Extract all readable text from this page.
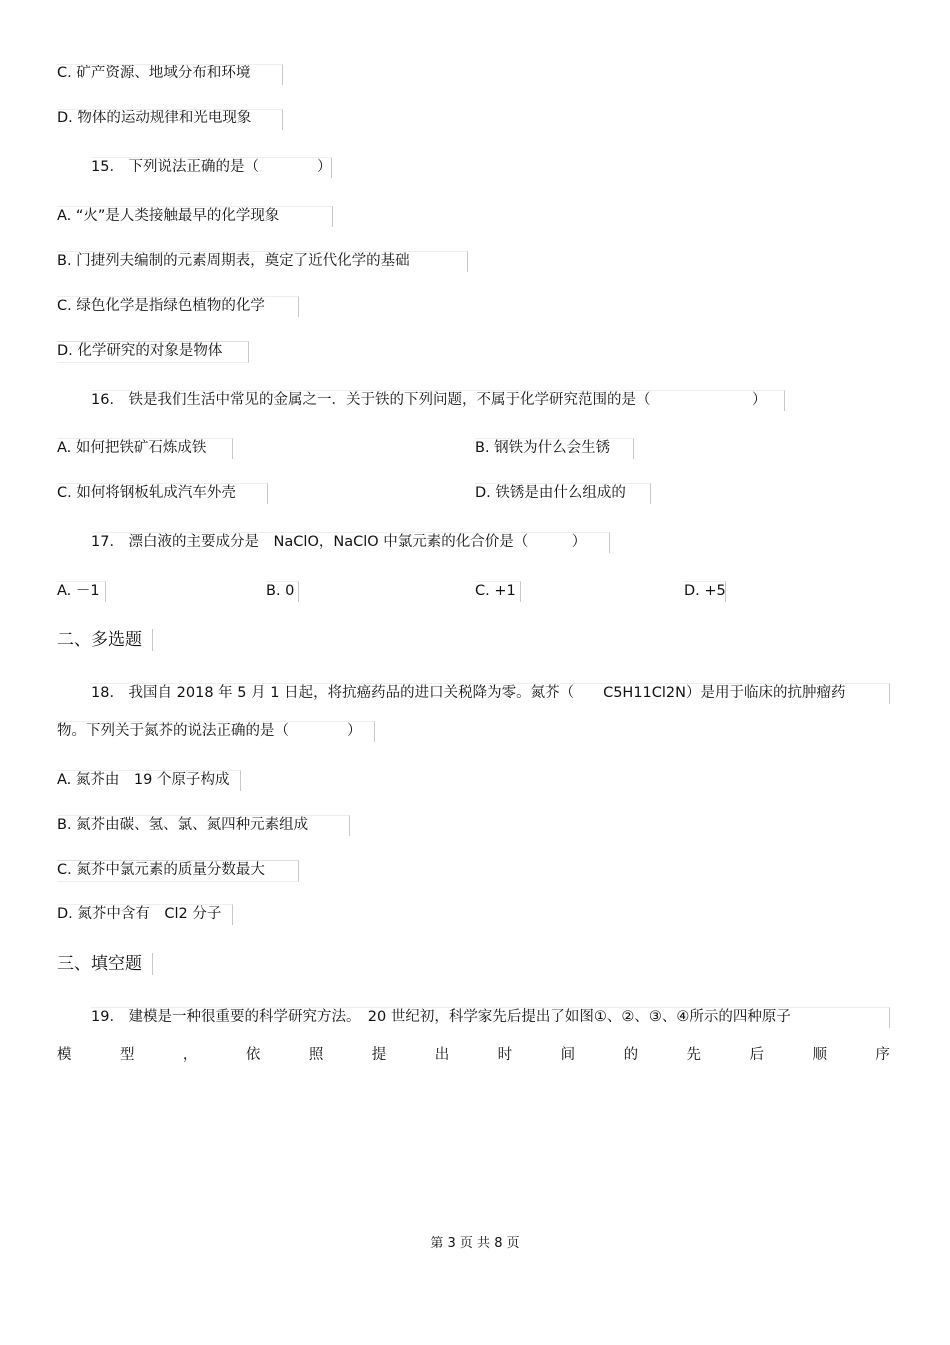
C. 矿产资源、地域分布和环境
D. 物体的运动规律和光电现象
15． 下列说法正确的是（　　　　）
A. “火”是人类接触最早的化学现象
B. 门捷列夫编制的元素周期表，奠定了近代化学的基础
C. 绿色化学是指绿色植物的化学
D. 化学研究的对象是物体
16． 铁是我们生活中常见的金属之一．关于铁的下列问题，不属于化学研究范围的是（　　　　　　　）
A. 如何把铁矿石炼成铁	B. 钢铁为什么会生锈
C. 如何将钢板轧成汽车外壳	D. 铁锈是由什么组成的
17． 漂白液的主要成分是　NaClO，NaClO 中氯元素的化合价是（　　　）
A. －1	B. 0	C. +1	D. +5
二、多选题
18． 我国自 2018 年 5 月 1 日起，将抗癌药品的进口关税降为零。氮芥（　　C5H11Cl2N）是用于临床的抗肿瘤药
物。下列关于氮芥的说法正确的是（　　　　）
A. 氮芥由　19 个原子构成
B. 氮芥由碳、氢、氯、氮四种元素组成
C. 氮芥中氯元素的质量分数最大
D. 氮芥中含有　Cl2 分子
三、填空题
19． 建模是一种很重要的科学研究方法。　20 世纪初，科学家先后提出了如图①、②、③、④所示的四种原子
模	型	，	依	照	提	出	时	间	的	先	后	顺	序
第 3 页 共 8 页
